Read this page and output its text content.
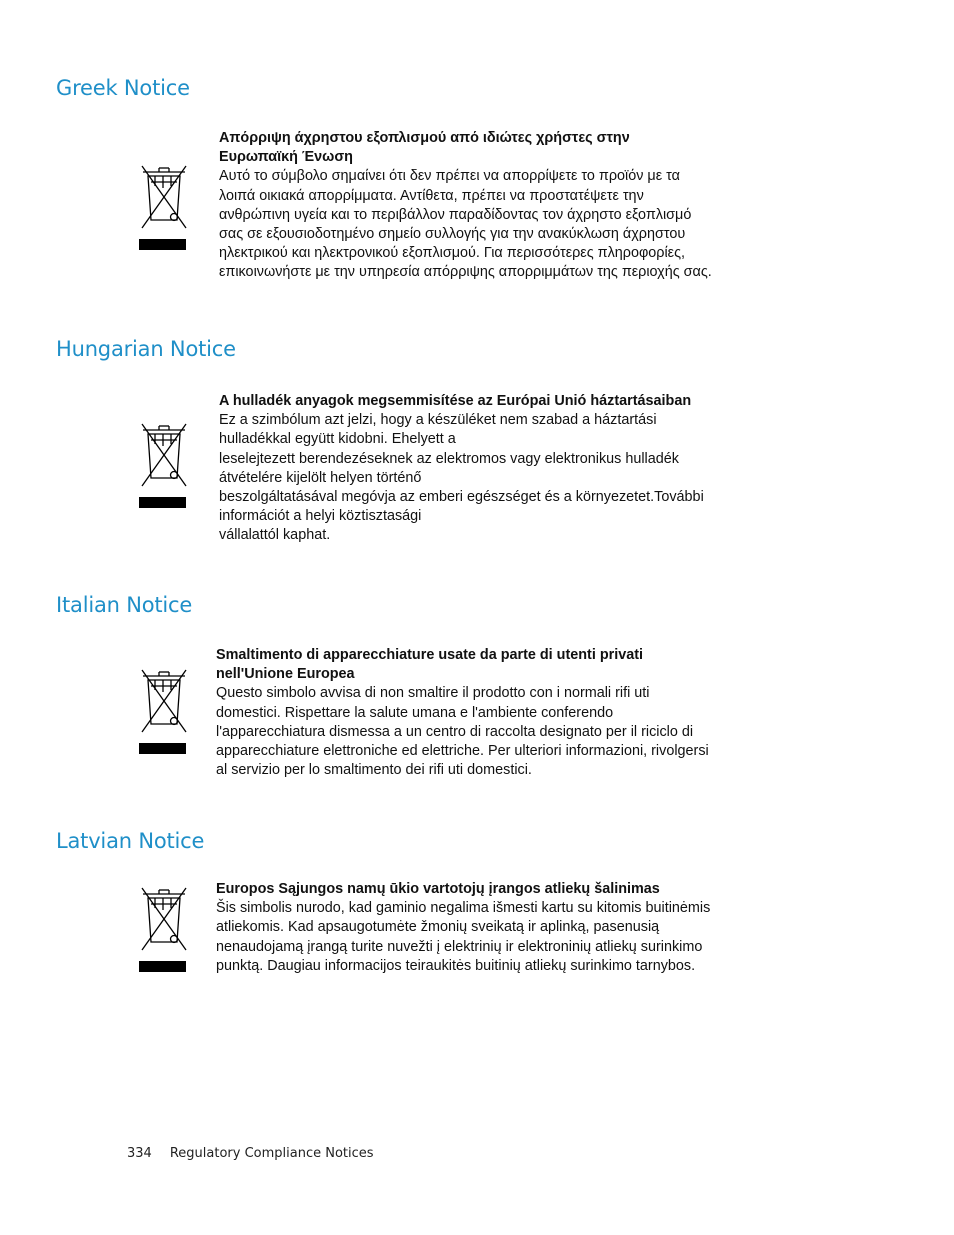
Greek Notice
Απόρριψη άχρηστου εξοπλισμού από ιδιώτες χρήστες στην
Ευρωπαϊκή Ένωση
Αυτό το σύμβολο σημαίνει ότι δεν πρέπει να απορρίψετε το προϊόν με τα
λοιπά οικιακά απορρίμματα. Αντίθετα, πρέπει να προστατέψετε την
ανθρώπινη υγεία και το περιβάλλον παραδίδοντας τον άχρηστο εξοπλισμό
σας σε εξουσιοδοτημένο σημείο συλλογής για την ανακύκλωση άχρηστου
ηλεκτρικού και ηλεκτρονικού εξοπλισμού. Για περισσότερες πληροφορίες,
επικοινωνήστε με την υπηρεσία απόρριψης απορριμμάτων της περιοχής σας.
Hungarian Notice
A hulladék anyagok megsemmisítése az Európai Unió háztartásaiban
Ez a szimbólum azt jelzi, hogy a készüléket nem szabad a háztartási
hulladékkal együtt kidobni. Ehelyett a
leselejtezett berendezéseknek az elektromos vagy elektronikus hulladék
átvételére kijelölt helyen történő
beszolgáltatásával megóvja az emberi egészséget és a környezetet.További
információt a helyi köztisztasági
vállalattól kaphat.
Italian Notice
Smaltimento di apparecchiature usate da parte di utenti privati
nell'Unione Europea
Questo simbolo avvisa di non smaltire il prodotto con i normali rifi uti
domestici. Rispettare la salute umana e l'ambiente conferendo
l'apparecchiatura dismessa a un centro di raccolta designato per il riciclo di
apparecchiature elettroniche ed elettriche. Per ulteriori informazioni, rivolgersi
al servizio per lo smaltimento dei rifi uti domestici.
Latvian Notice
Europos Sąjungos namų ūkio vartotojų įrangos atliekų šalinimas
Šis simbolis nurodo, kad gaminio negalima išmesti kartu su kitomis buitinėmis
atliekomis. Kad apsaugotumėte žmonių sveikatą ir aplinką, pasenusią
nenaudojamą įrangą turite nuvežti į elektrinių ir elektroninių atliekų surinkimo
punktą. Daugiau informacijos teiraukitės buitinių atliekų surinkimo tarnybos.
334 Regulatory Compliance Notices
